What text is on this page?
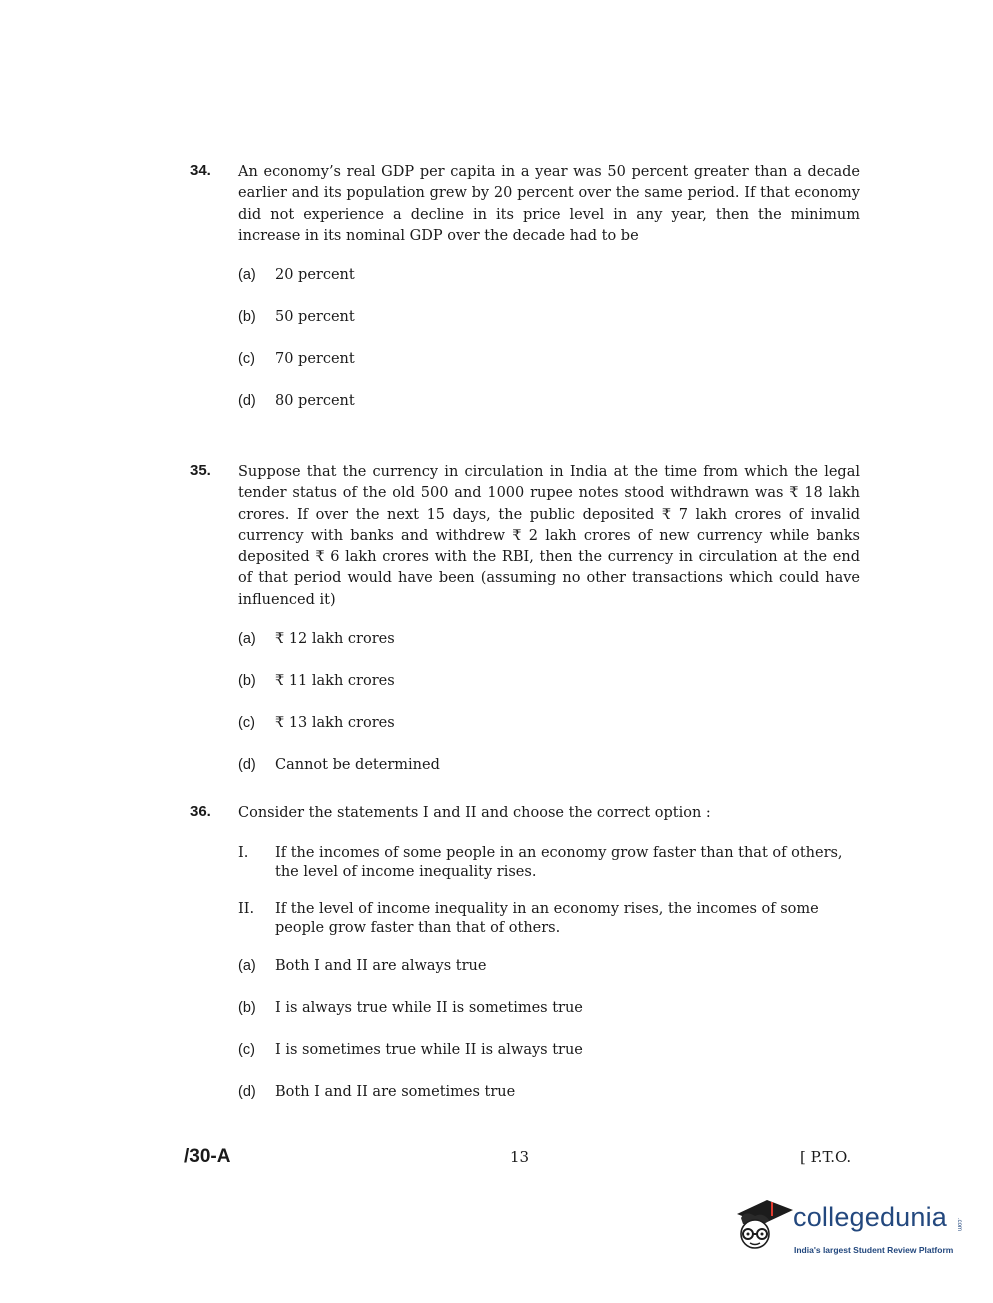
34. An economy’s real GDP per capita in a year was 50 percent greater than a decade earlier and its population grew by 20 percent over the same period. If that economy did not experience a decline in its price level in any year, then the minimum increase in its nominal GDP over the decade had to be
(a) 20 percent
(b) 50 percent
(c) 70 percent
(d) 80 percent
35. Suppose that the currency in circulation in India at the time from which the legal tender status of the old 500 and 1000 rupee notes stood withdrawn was ₹ 18 lakh crores. If over the next 15 days, the public deposited ₹ 7 lakh crores of invalid currency with banks and withdrew ₹ 2 lakh crores of new currency while banks deposited ₹ 6 lakh crores with the RBI, then the currency in circulation at the end of that period would have been (assuming no other transactions which could have influenced it)
(a) ₹ 12 lakh crores
(b) ₹ 11 lakh crores
(c) ₹ 13 lakh crores
(d) Cannot be determined
36. Consider the statements I and II and choose the correct option :
I. If the incomes of some people in an economy grow faster than that of others, the level of income inequality rises.
II. If the level of income inequality in an economy rises, the incomes of some people grow faster than that of others.
(a) Both I and II are always true
(b) I is always true while II is sometimes true
(c) I is sometimes true while II is always true
(d) Both I and II are sometimes true
/30-A	13	[ P.T.O.
collegedunia .com
India's largest Student Review Platform
